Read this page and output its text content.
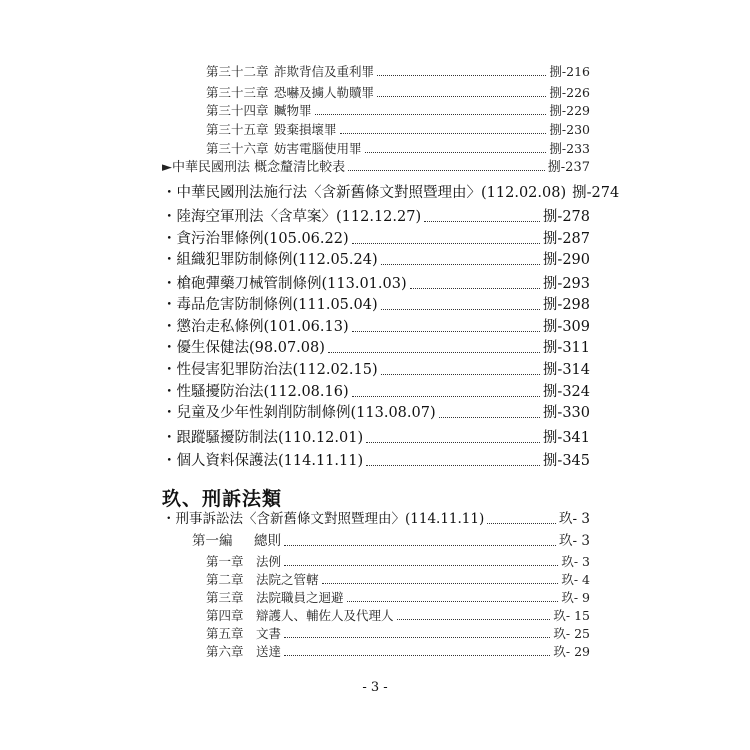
第三十二章 詐欺背信及重利罪	捌-216
第三十三章 恐嚇及擄人勒贖罪	捌-226
第三十四章 贓物罪	捌-229
第三十五章 毀棄損壞罪	捌-230
第三十六章 妨害電腦使用罪	捌-233
►中華民國刑法 概念釐清比較表	捌-237
・中華民國刑法施行法〈含新舊條文對照暨理由〉(112.02.08) 捌-274
・陸海空軍刑法〈含草案〉(112.12.27)	捌-278
・貪污治罪條例(105.06.22)	捌-287
・組織犯罪防制條例(112.05.24)	捌-290
・槍砲彈藥刀械管制條例(113.01.03)	捌-293
・毒品危害防制條例(111.05.04)	捌-298
・懲治走私條例(101.06.13)	捌-309
・優生保健法(98.07.08)	捌-311
・性侵害犯罪防治法(112.02.15)	捌-314
・性騷擾防治法(112.08.16)	捌-324
・兒童及少年性剝削防制條例(113.08.07)	捌-330
・跟蹤騷擾防制法(110.12.01)	捌-341
・個人資料保護法(114.11.11)	捌-345
玖、刑訴法類
・刑事訴訟法〈含新舊條文對照暨理由〉(114.11.11)	玖- 3
第一編 總則	玖- 3
第一章 法例	玖- 3
第二章 法院之管轄	玖- 4
第三章 法院職員之迴避	玖- 9
第四章 辯護人、輔佐人及代理人	玖- 15
第五章 文書	玖- 25
第六章 送達	玖- 29
- 3 -
